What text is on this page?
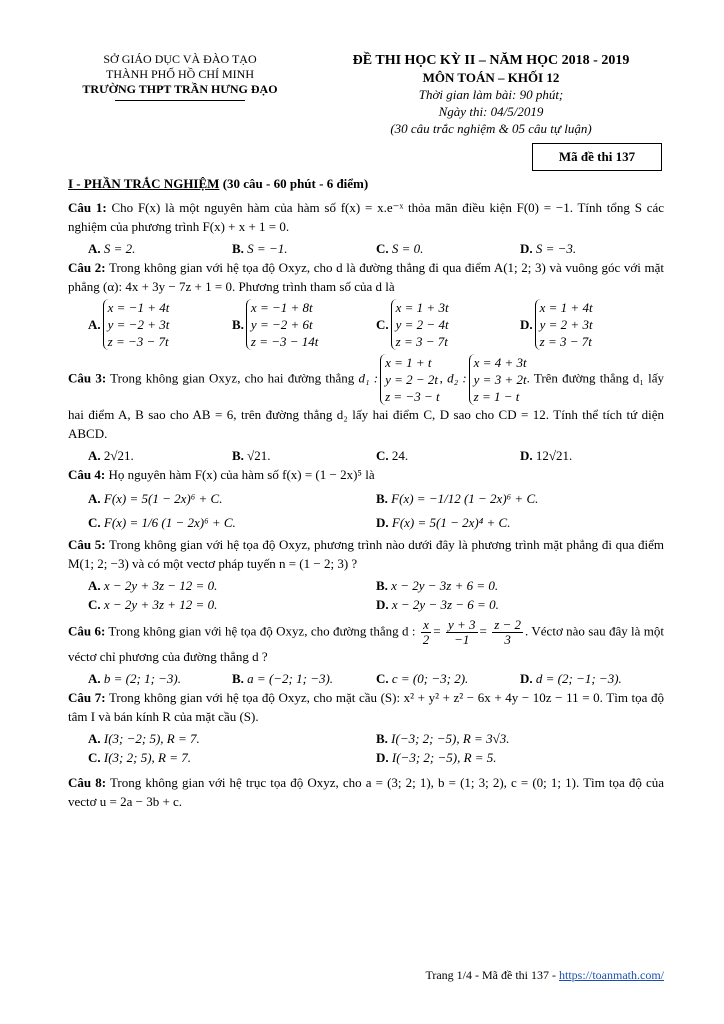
SỞ GIÁO DỤC VÀ ĐÀO TẠO
THÀNH PHỐ HỒ CHÍ MINH
TRƯỜNG THPT TRẦN HƯNG ĐẠO
ĐỀ THI HỌC KỲ II – NĂM HỌC 2018 - 2019
MÔN TOÁN – KHỐI 12
Thời gian làm bài: 90 phút;
Ngày thi: 04/5/2019
(30 câu trắc nghiệm & 05 câu tự luận)
Mã đề thi 137
I - PHẦN TRẮC NGHIỆM (30 câu - 60 phút - 6 điểm)
Câu 1: Cho F(x) là một nguyên hàm của hàm số f(x) = x.e⁻ˣ thỏa mãn điều kiện F(0) = −1. Tính tổng S các nghiệm của phương trình F(x) + x + 1 = 0.
A. S = 2.	B. S = −1.	C. S = 0.	D. S = −3.
Câu 2: Trong không gian với hệ tọa độ Oxyz, cho d là đường thẳng đi qua điểm A(1; 2; 3) và vuông góc với mặt phẳng (α): 4x + 3y − 7z + 1 = 0. Phương trình tham số của d là
A.
x = −1 + 4t
y = −2 + 3t
z = −3 − 7t
B.
x = −1 + 8t
y = −2 + 6t
z = −3 − 14t
C.
x = 1 + 3t
y = 2 − 4t
z = 3 − 7t
D.
x = 1 + 4t
y = 2 + 3t
z = 3 − 7t
Câu 3: Trong không gian Oxyz, cho hai đường thẳng d₁ :x = 1 + t
y = 2 − 2t
z = −3 − t, d₂ :x = 4 + 3t
y = 3 + 2t
z = 1 − t. Trên đường thẳng d₁ lấy hai điểm A, B sao cho AB = 6, trên đường thẳng d₂ lấy hai điểm C, D sao cho CD = 12. Tính thể tích tứ diện ABCD.
A. 2√21.	B. √21.	C. 24.	D. 12√21.
Câu 4: Họ nguyên hàm F(x) của hàm số f(x) = (1 − 2x)⁵ là
A. F(x) = 5(1 − 2x)⁶ + C.	B. F(x) = −1/12 (1 − 2x)⁶ + C.
C. F(x) = 1/6 (1 − 2x)⁶ + C.	D. F(x) = 5(1 − 2x)⁴ + C.
Câu 5: Trong không gian với hệ tọa độ Oxyz, phương trình nào dưới đây là phương trình mặt phẳng đi qua điểm M(1; 2; −3) và có một vectơ pháp tuyến n = (1 − 2; 3) ?
A. x − 2y + 3z − 12 = 0.	B. x − 2y − 3z + 6 = 0.
C. x − 2y + 3z + 12 = 0.	D. x − 2y − 3z − 6 = 0.
Câu 6: Trong không gian với hệ tọa độ Oxyz, cho đường thẳng d : $\frac{x}{2} = \frac{y + 3}{-1} = \frac{z - 2}{3}$ . Véctơ nào sau đây là một véctơ chỉ phương của đường thẳng d ?
A. b = (2; 1; −3).	B. a = (−2; 1; −3).	C. c = (0; −3; 2).	D. d = (2; −1; −3).
Câu 7: Trong không gian với hệ tọa độ Oxyz, cho mặt cầu (S): x² + y² + z² − 6x + 4y − 10z − 11 = 0. Tìm tọa độ tâm I và bán kính R của mặt cầu (S).
A. I(3; −2; 5), R = 7.	B. I(−3; 2; −5), R = 3√3.
C. I(3; 2; 5), R = 7.	D. I(−3; 2; −5), R = 5.
Câu 8: Trong không gian với hệ trục tọa độ Oxyz, cho a = (3; 2; 1), b = (1; 3; 2), c = (0; 1; 1). Tìm tọa độ của vectơ u = 2a − 3b + c.
Trang 1/4 - Mã đề thi 137 - https://toanmath.com/
